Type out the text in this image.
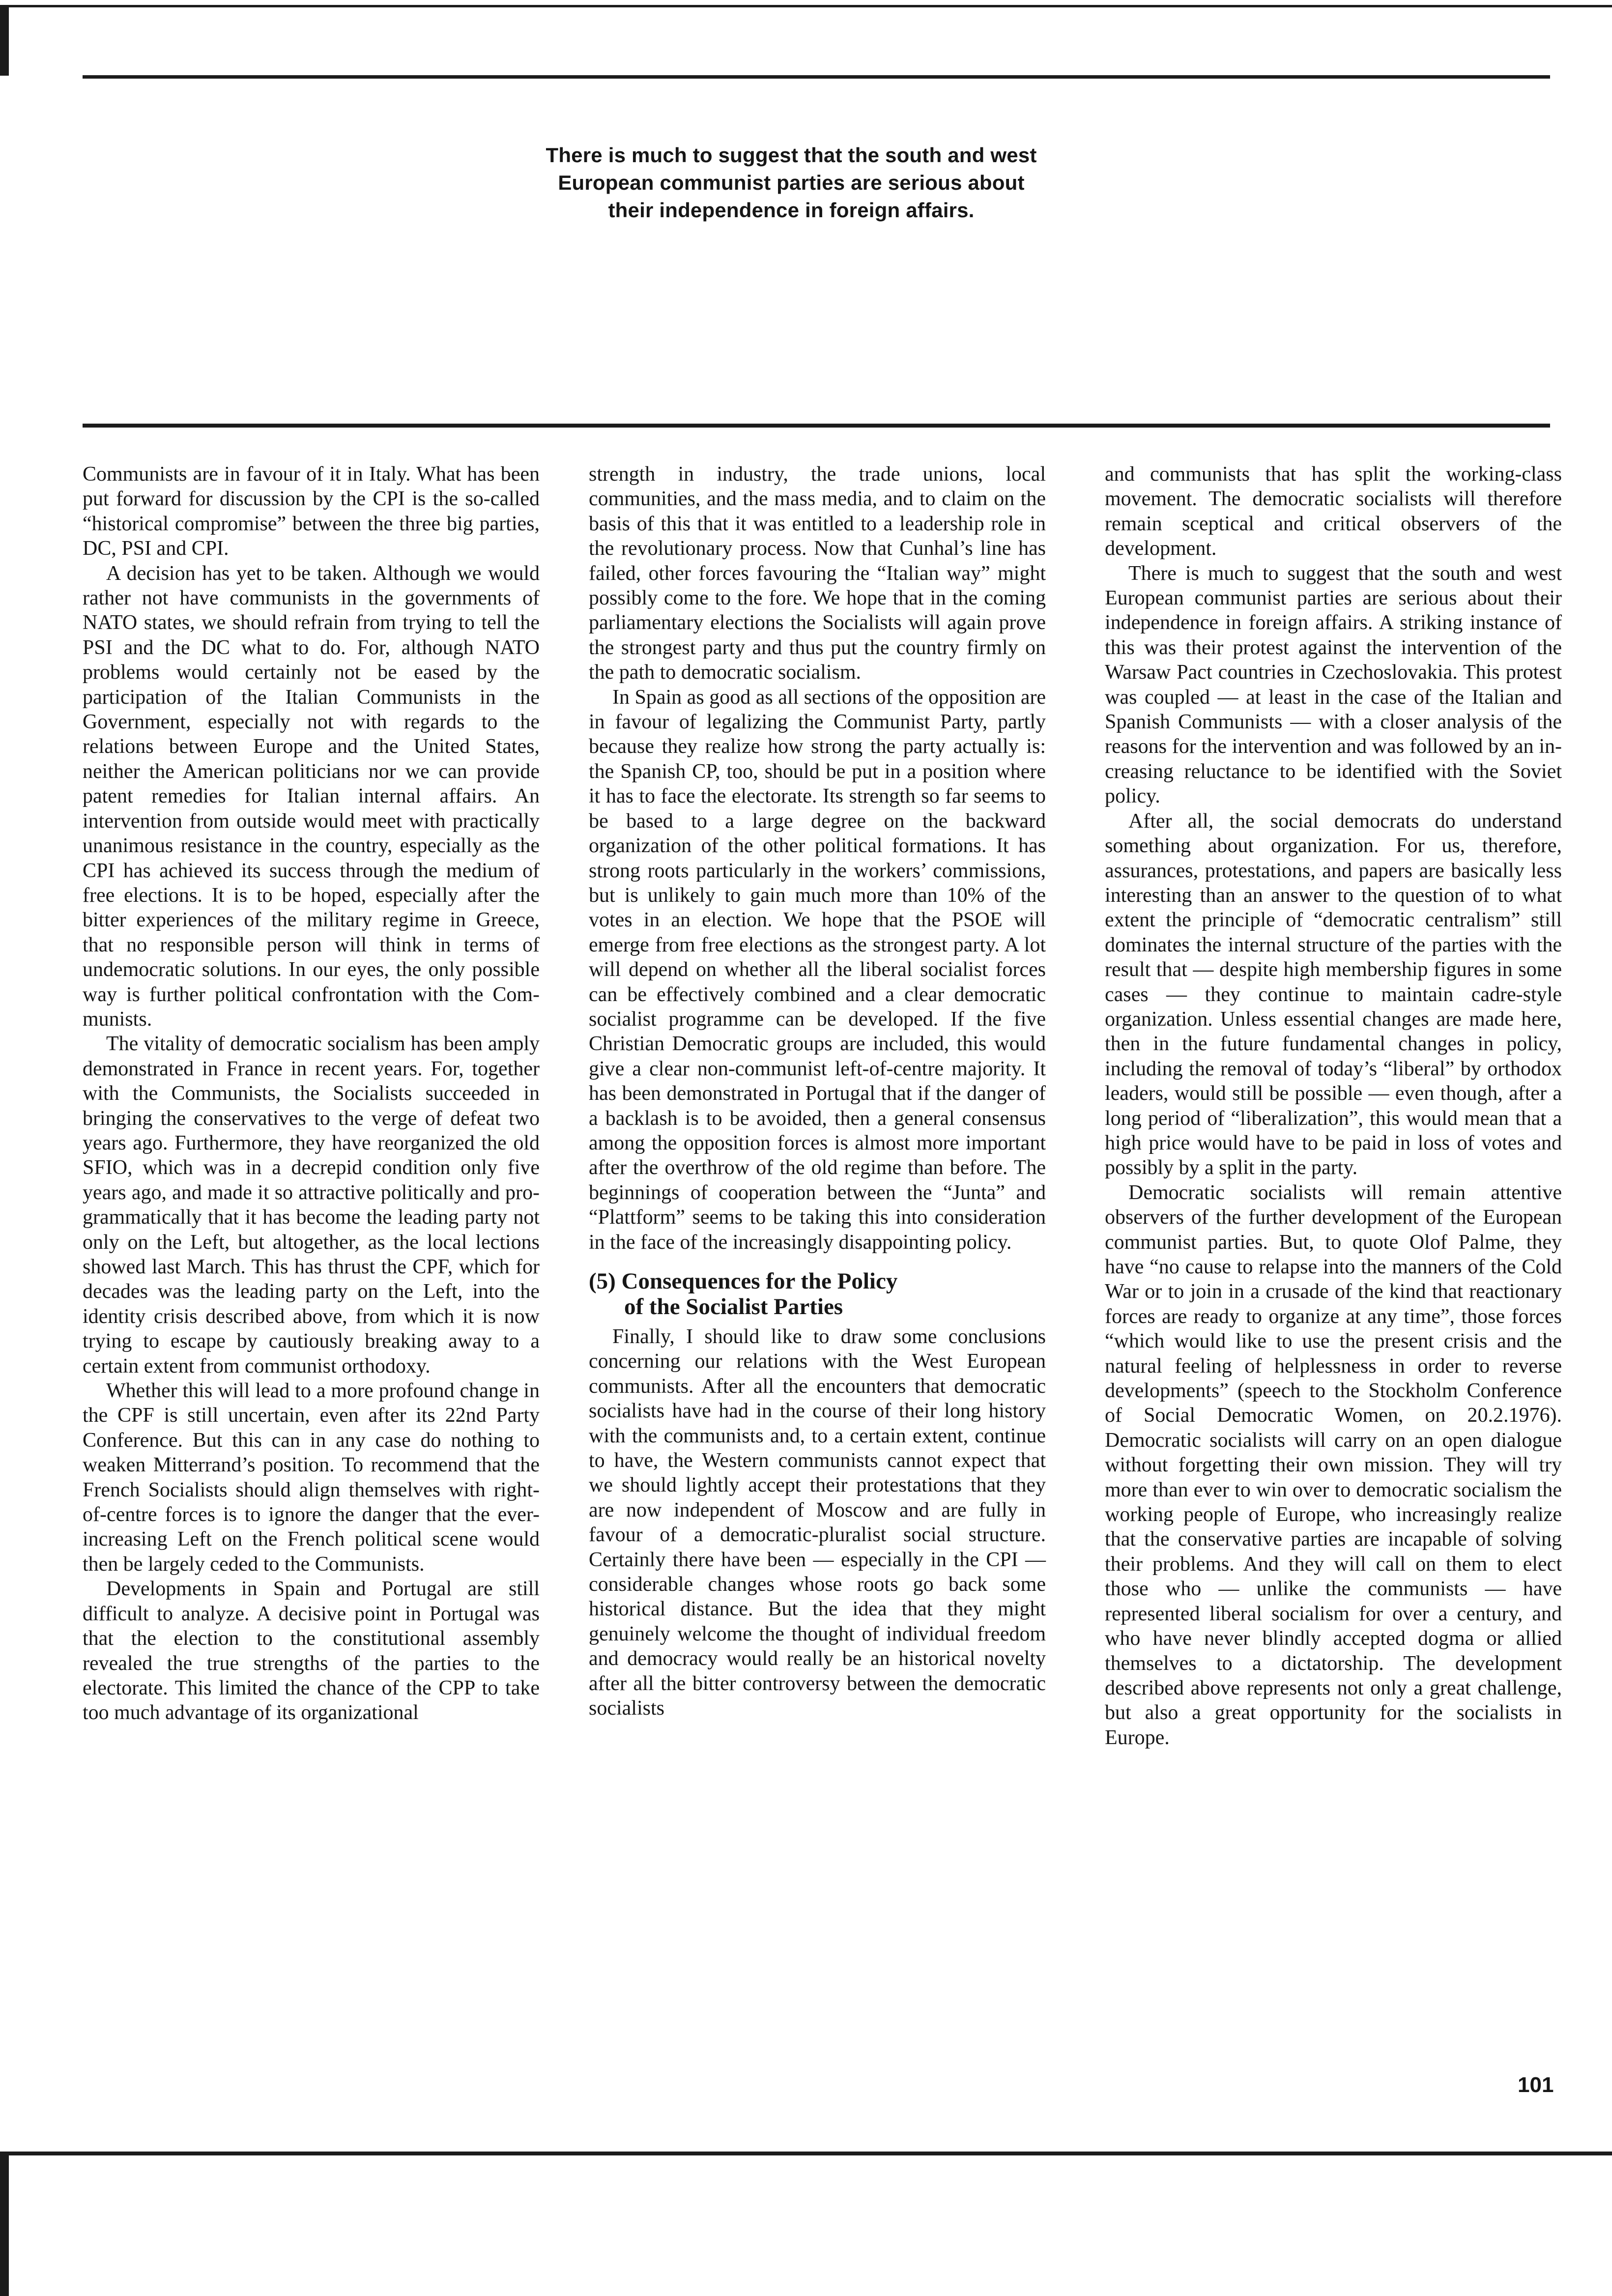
There is much to suggest that the south and west European communist parties are serious about their independence in foreign affairs.

Communists are in favour of it in Italy. What has been put forward for discussion by the CPI is the so-called “historical compromise” between the three big parties, DC, PSI and CPI.

A decision has yet to be taken. Although we would rather not have communists in the governments of NATO states, we should refrain from trying to tell the PSI and the DC what to do. For, although NATO problems would certainly not be eased by the participation of the Italian Communists in the Government, especially not with regards to the relations between Europe and the United States, neither the American politicians nor we can provide patent remedies for Italian internal affairs. An intervention from outside would meet with practically unanimous resistance in the country, especially as the CPI has achieved its success through the medium of free elections. It is to be hoped, especially after the bitter experiences of the military regime in Greece, that no responsible person will think in terms of undemocratic solutions. In our eyes, the only possible way is further political confrontation with the Communists.

The vitality of democratic socialism has been amply demonstrated in France in recent years. For, together with the Communists, the Socialists succeeded in bringing the conservatives to the verge of defeat two years ago. Furthermore, they have reorganized the old SFIO, which was in a decrepid condition only five years ago, and made it so attractive politically and programmatically that it has become the leading party not only on the Left, but altogether, as the local lections showed last March. This has thrust the CPF, which for decades was the leading party on the Left, into the identity crisis described above, from which it is now trying to escape by cautiously breaking away to a certain extent from communist orthodoxy.

Whether this will lead to a more profound change in the CPF is still uncertain, even after its 22nd Party Conference. But this can in any case do nothing to weaken Mitterrand’s position. To recommend that the French Socialists should align themselves with right-of-centre forces is to ignore the danger that the ever-increasing Left on the French political scene would then be largely ceded to the Communists.

Developments in Spain and Portugal are still difficult to analyze. A decisive point in Portugal was that the election to the constitutional assembly revealed the true strengths of the parties to the electorate. This limited the chance of the CPP to take too much advantage of its organizational

strength in industry, the trade unions, local communities, and the mass media, and to claim on the basis of this that it was entitled to a leadership role in the revolutionary process. Now that Cunhal’s line has failed, other forces favouring the “Italian way” might possibly come to the fore. We hope that in the coming parliamentary elections the Socialists will again prove the strongest party and thus put the country firmly on the path to democratic socialism.

In Spain as good as all sections of the opposition are in favour of legalizing the Communist Party, partly because they realize how strong the party actually is: the Spanish CP, too, should be put in a position where it has to face the electorate. Its strength so far seems to be based to a large degree on the backward organization of the other political formations. It has strong roots particularly in the workers’ commissions, but is unlikely to gain much more than 10% of the votes in an election. We hope that the PSOE will emerge from free elections as the strongest party. A lot will depend on whether all the liberal socialist forces can be effectively combined and a clear democratic socialist programme can be developed. If the five Christian Democratic groups are included, this would give a clear non-communist left-of-centre majority. It has been demonstrated in Portugal that if the danger of a backlash is to be avoided, then a general consensus among the opposition forces is almost more important after the overthrow of the old regime than before. The beginnings of cooperation between the “Junta” and “Plattform” seems to be taking this into consideration in the face of the increasingly disappointing policy.

(5) Consequences for the Policy
of the Socialist Parties

Finally, I should like to draw some conclusions concerning our relations with the West European communists. After all the encounters that democratic socialists have had in the course of their long history with the communists and, to a certain extent, continue to have, the Western communists cannot expect that we should lightly accept their protestations that they are now independent of Moscow and are fully in favour of a democratic-pluralist social structure. Certainly there have been — especially in the CPI — considerable changes whose roots go back some historical distance. But the idea that they might genuinely welcome the thought of individual freedom and democracy would really be an historical novelty after all the bitter controversy between the democratic socialists

and communists that has split the working-class movement. The democratic socialists will therefore remain sceptical and critical observers of the development.

There is much to suggest that the south and west European communist parties are serious about their independence in foreign affairs. A striking instance of this was their protest against the intervention of the Warsaw Pact countries in Czechoslovakia. This protest was coupled — at least in the case of the Italian and Spanish Communists — with a closer analysis of the reasons for the intervention and was followed by an increasing reluctance to be identified with the Soviet policy.

After all, the social democrats do understand something about organization. For us, therefore, assurances, protestations, and papers are basically less interesting than an answer to the question of to what extent the principle of “democratic centralism” still dominates the internal structure of the parties with the result that — despite high membership figures in some cases — they continue to maintain cadre-style organization. Unless essential changes are made here, then in the future fundamental changes in policy, including the removal of today’s “liberal” by orthodox leaders, would still be possible — even though, after a long period of “liberalization”, this would mean that a high price would have to be paid in loss of votes and possibly by a split in the party.

Democratic socialists will remain attentive observers of the further development of the European communist parties. But, to quote Olof Palme, they have “no cause to relapse into the manners of the Cold War or to join in a crusade of the kind that reactionary forces are ready to organize at any time”, those forces “which would like to use the present crisis and the natural feeling of helplessness in order to reverse developments” (speech to the Stockholm Conference of Social Democratic Women, on 20.2.1976). Democratic socialists will carry on an open dialogue without forgetting their own mission. They will try more than ever to win over to democratic socialism the working people of Europe, who increasingly realize that the conservative parties are incapable of solving their problems. And they will call on them to elect those who — unlike the communists — have represented liberal socialism for over a century, and who have never blindly accepted dogma or allied themselves to a dictatorship. The development described above represents not only a great challenge, but also a great opportunity for the socialists in Europe.

101
